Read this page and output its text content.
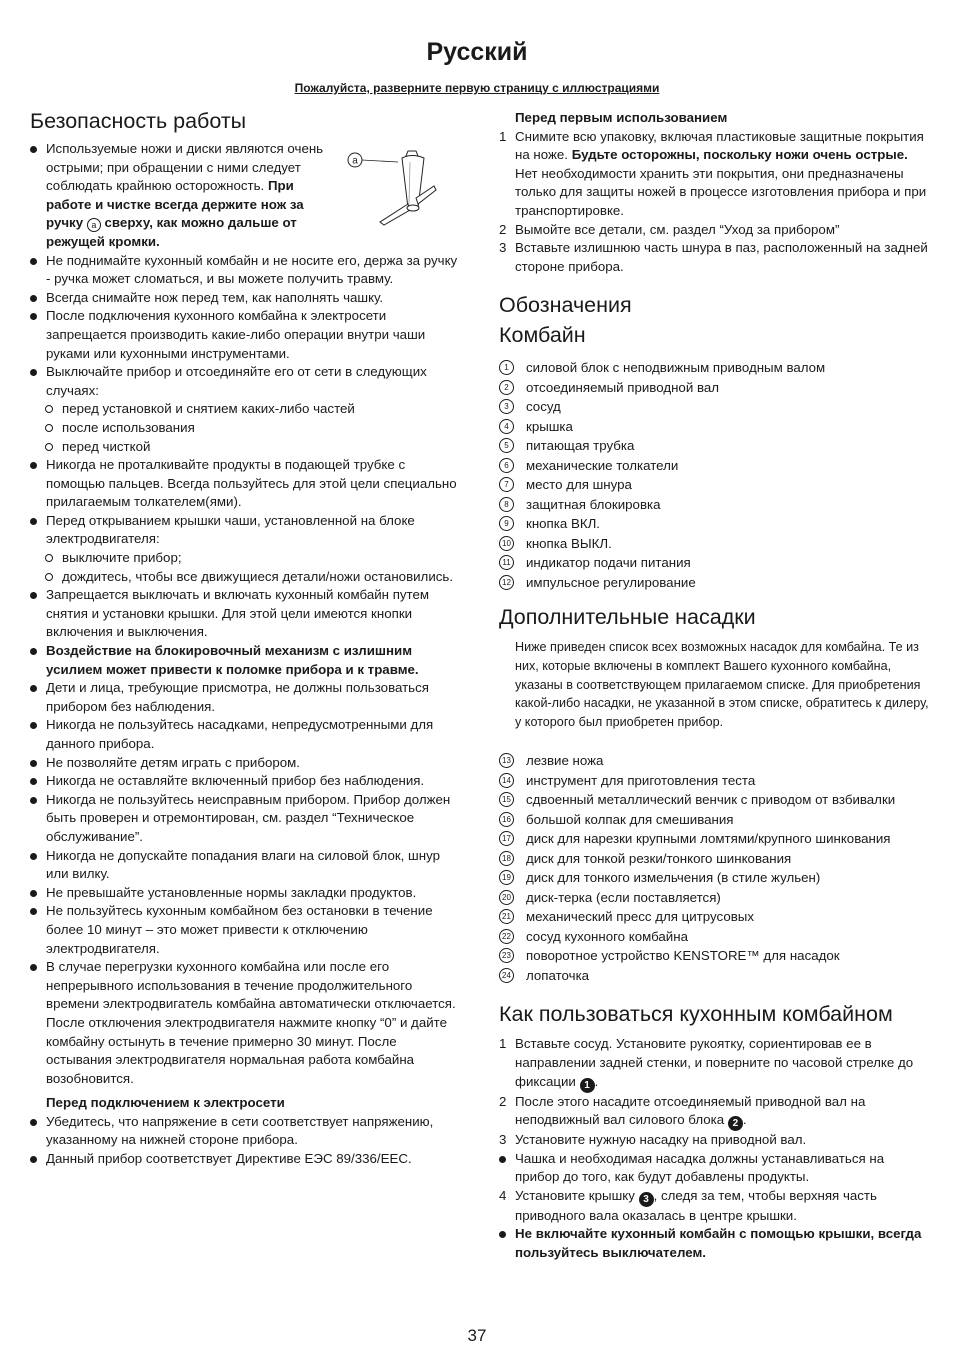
Русский

Пожалуйста, разверните первую страницу с иллюстрациями

Безопасность работы
Используемые ножи и диски являются очень острыми; при обращении с ними следует соблюдать крайнюю осторожность. При работе и чистке всегда держите нож за ручку a сверху, как можно дальше от режущей кромки.
Не поднимайте кухонный комбайн и не носите его, держа за ручку - ручка может сломаться, и вы можете получить травму.
Всегда снимайте нож перед тем, как наполнять чашку.
После подключения кухонного комбайна к электросети запрещается производить какие-либо операции внутри чаши руками или кухонными инструментами.
Выключайте прибор и отсоединяйте его от сети в следующих случаях:
перед установкой и снятием каких-либо частей
после использования
перед чисткой
Никогда не проталкивайте продукты в подающей трубке с помощью пальцев. Всегда пользуйтесь для этой цели специально прилагаемым толкателем(ями).
Перед открыванием крышки чаши, установленной на блоке электродвигателя:
выключите прибор;
дождитесь, чтобы все движущиеся детали/ножи остановились.
Запрещается выключать и включать кухонный комбайн путем снятия и установки крышки. Для этой цели имеются кнопки включения и выключения.
Воздействие на блокировочный механизм с излишним усилием может привести к поломке прибора и к травме.
Дети и лица, требующие присмотра, не должны пользоваться прибором без наблюдения.
Никогда не пользуйтесь насадками, непредусмотренными для данного прибора.
Не позволяйте детям играть с прибором.
Никогда не оставляйте включенный прибор без наблюдения.
Никогда не пользуйтесь неисправным прибором. Прибор должен быть проверен и отремонтирован, см. раздел “Техническое обслуживание”.
Никогда не допускайте попадания влаги на силовой блок, шнур или вилку.
Не превышайте установленные нормы закладки продуктов.
Не пользуйтесь кухонным комбайном без остановки в течение более 10 минут – это может привести к отключению электродвигателя.
В случае перегрузки кухонного комбайна или после его непрерывного использования в течение продолжительного времени электродвигатель комбайна автоматически отключается. После отключения электродвигателя нажмите кнопку “0” и дайте комбайну остынуть в течение примерно 30 минут. После остывания электродвигателя нормальная работа комбайна возобновится.

Перед подключением к электросети

Убедитесь, что напряжение в сети соответствует напряжению, указанному на нижней стороне прибора.
Данный прибор соответствует Директиве ЕЭС 89/336/EEC.
a

Перед первым использованием

1 Снимите всю упаковку, включая пластиковые защитные покрытия на ноже. Будьте осторожны, поскольку ножи очень острые. Нет необходимости хранить эти покрытия, они предназначены только для защиты ножей в процессе изготовления прибора и при транспортировке.
2 Вымойте все детали, см. раздел “Уход за прибором”
3 Вставьте излишнюю часть шнура в паз, расположенный на задней стороне прибора.
Обозначения
Комбайн
1	силовой блок с неподвижным приводным валом
2	отсоединяемый приводной вал
3	сосуд
4	крышка
5	питающая трубка
6	механические толкатели
7	место для шнура
8	защитная блокировка
9	кнопка ВКЛ.
10 кнопка ВЫКЛ.
11 индикатор подачи питания
12 импульсное регулирование
Дополнительные насадки

Ниже приведен список всех возможных насадок для комбайна. Те из них, которые включены в комплект Вашего кухонного комбайна, указаны в соответствующем прилагаемом списке. Для приобретения какой-либо насадки, не указанной в этом списке, обратитесь к дилеру, у которого был приобретен прибор.

13 лезвие ножа
14 инструмент для приготовления теста
15 сдвоенный металлический венчик с приводом от взбивалки
16 большой колпак для смешивания
17 диск для нарезки крупными ломтями/крупного шинкования
18 диск для тонкой резки/тонкого шинкования
19 диск для тонкого измельчения (в стиле жульен)
20 диск-терка (если поставляется)
21 механический пресс для цитрусовых
22 сосуд кухонного комбайна
23 поворотное устройство KENSTORE™ для насадок
24 лопаточка
Как пользоваться кухонным комбайном
1 Вставьте сосуд. Установите рукоятку, сориентировав ее в направлении задней стенки, и поверните по часовой стрелке до фиксации 1 .
2 После этого насадите отсоединяемый приводной вал на неподвижный вал силового блока 2 .
3 Установите нужную насадку на приводной вал.
Чашка и необходимая насадка должны устанавливаться на прибор до того, как будут добавлены продукты.
4 Установите крышку 3 , следя за тем, чтобы верхняя часть приводного вала оказалась в центре крышки.
Не включайте кухонный комбайн с помощью крышки, всегда пользуйтесь выключателем.

37
